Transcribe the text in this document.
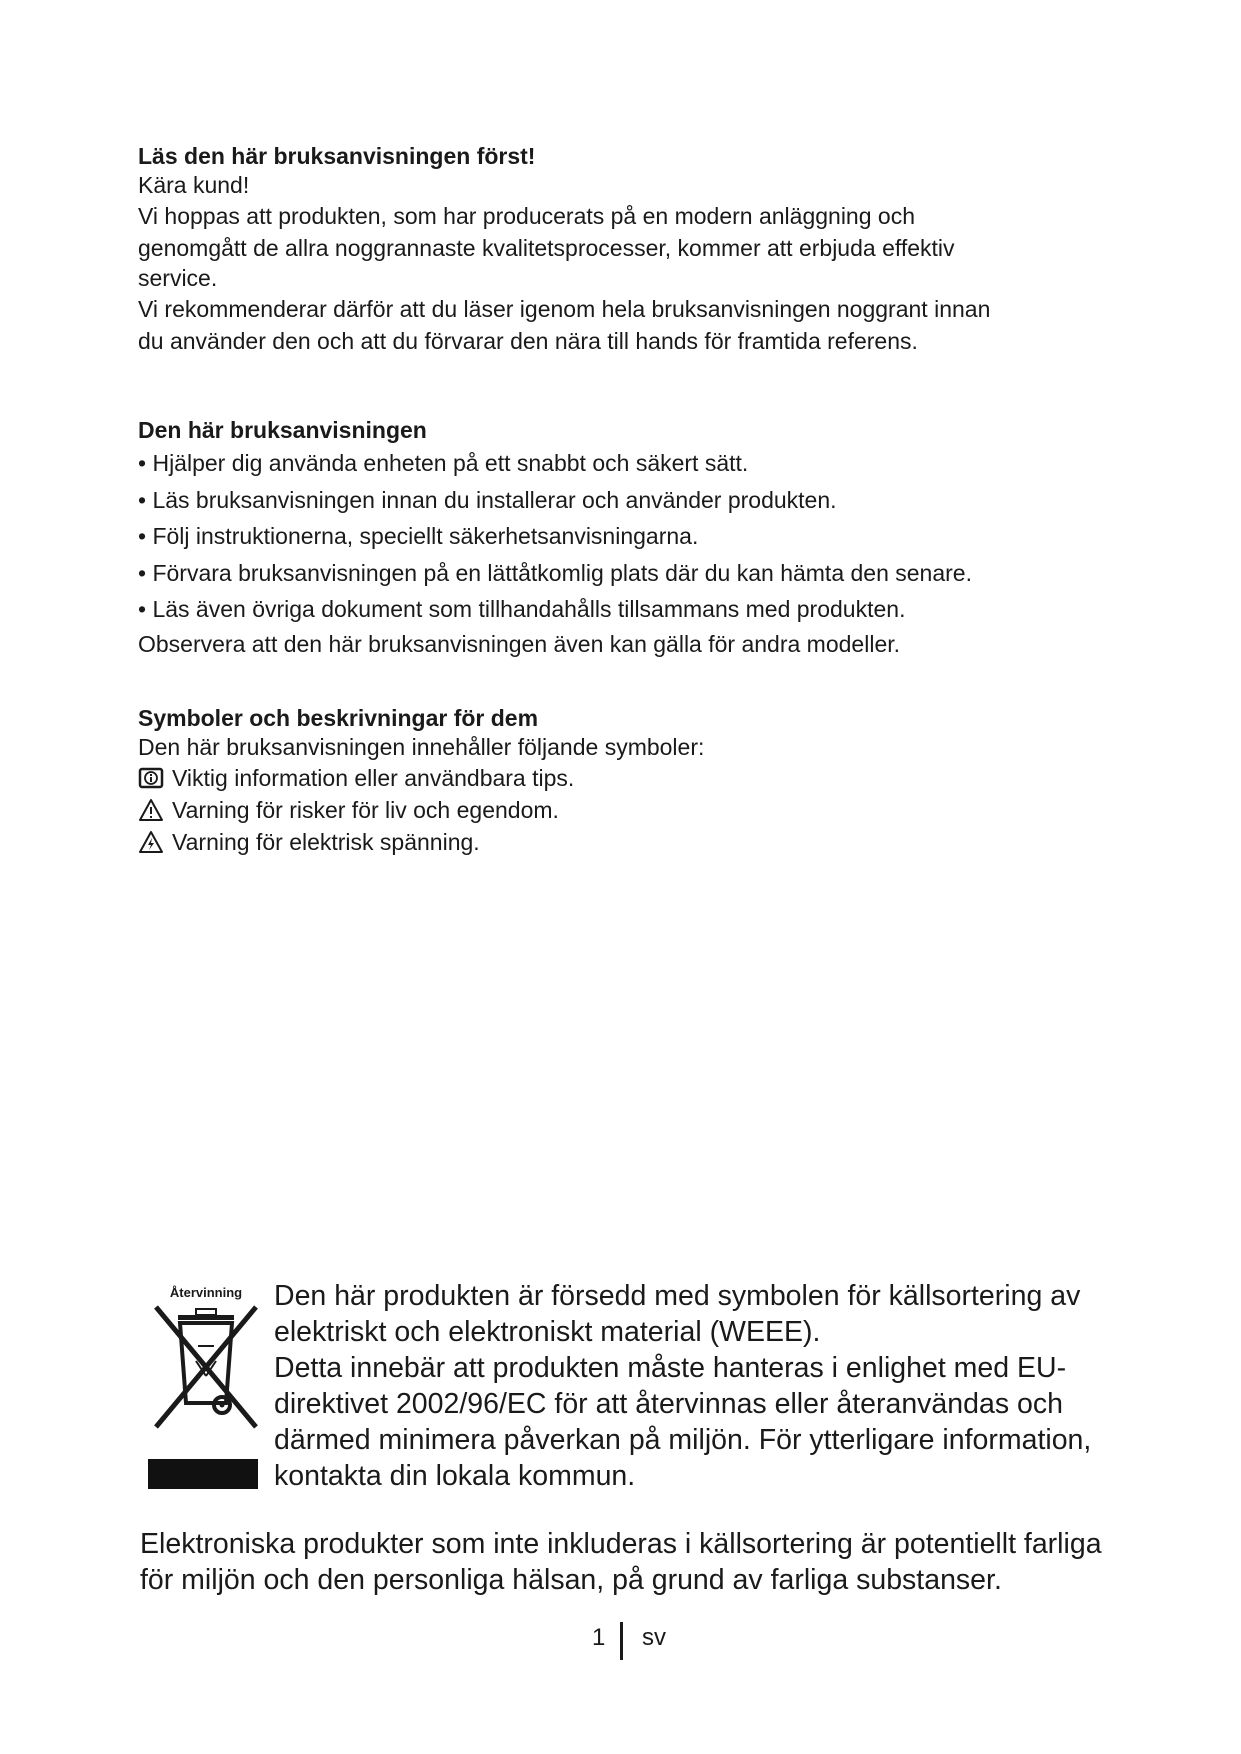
Läs den här bruksanvisningen först!

Kära kund!

Vi hoppas att produkten, som har producerats på en modern anläggning och

genomgått de allra noggrannaste kvalitetsprocesser, kommer att erbjuda effektiv

service.

Vi rekommenderar därför att du läser igenom hela bruksanvisningen noggrant innan

du använder den och att du förvarar den nära till hands för framtida referens.

Den här bruksanvisningen

• Hjälper dig använda enheten på ett snabbt och säkert sätt.

• Läs bruksanvisningen innan du installerar och använder produkten.

• Följ instruktionerna, speciellt säkerhetsanvisningarna.

• Förvara bruksanvisningen på en lättåtkomlig plats där du kan hämta den senare.

• Läs även övriga dokument som tillhandahålls tillsammans med produkten.

Observera att den här bruksanvisningen även kan gälla för andra modeller.

Symboler och beskrivningar för dem

Den här bruksanvisningen innehåller följande symboler:

Viktig information eller användbara tips.
Varning för risker för liv och egendom.
Varning för elektrisk spänning.
Återvinning	Den här produkten är försedd med symbolen för källsortering av
elektriskt och elektroniskt material (WEEE).
Detta innebär att produkten måste hanteras i enlighet med EU-
direktivet 2002/96/EC för att återvinnas eller återanvändas och
därmed minimera påverkan på miljön. För ytterligare information,
kontakta din lokala kommun.
Elektroniska produkter som inte inkluderas i källsortering är potentiellt farliga
för miljön och den personliga hälsan, på grund av farliga substanser.
1 sv
